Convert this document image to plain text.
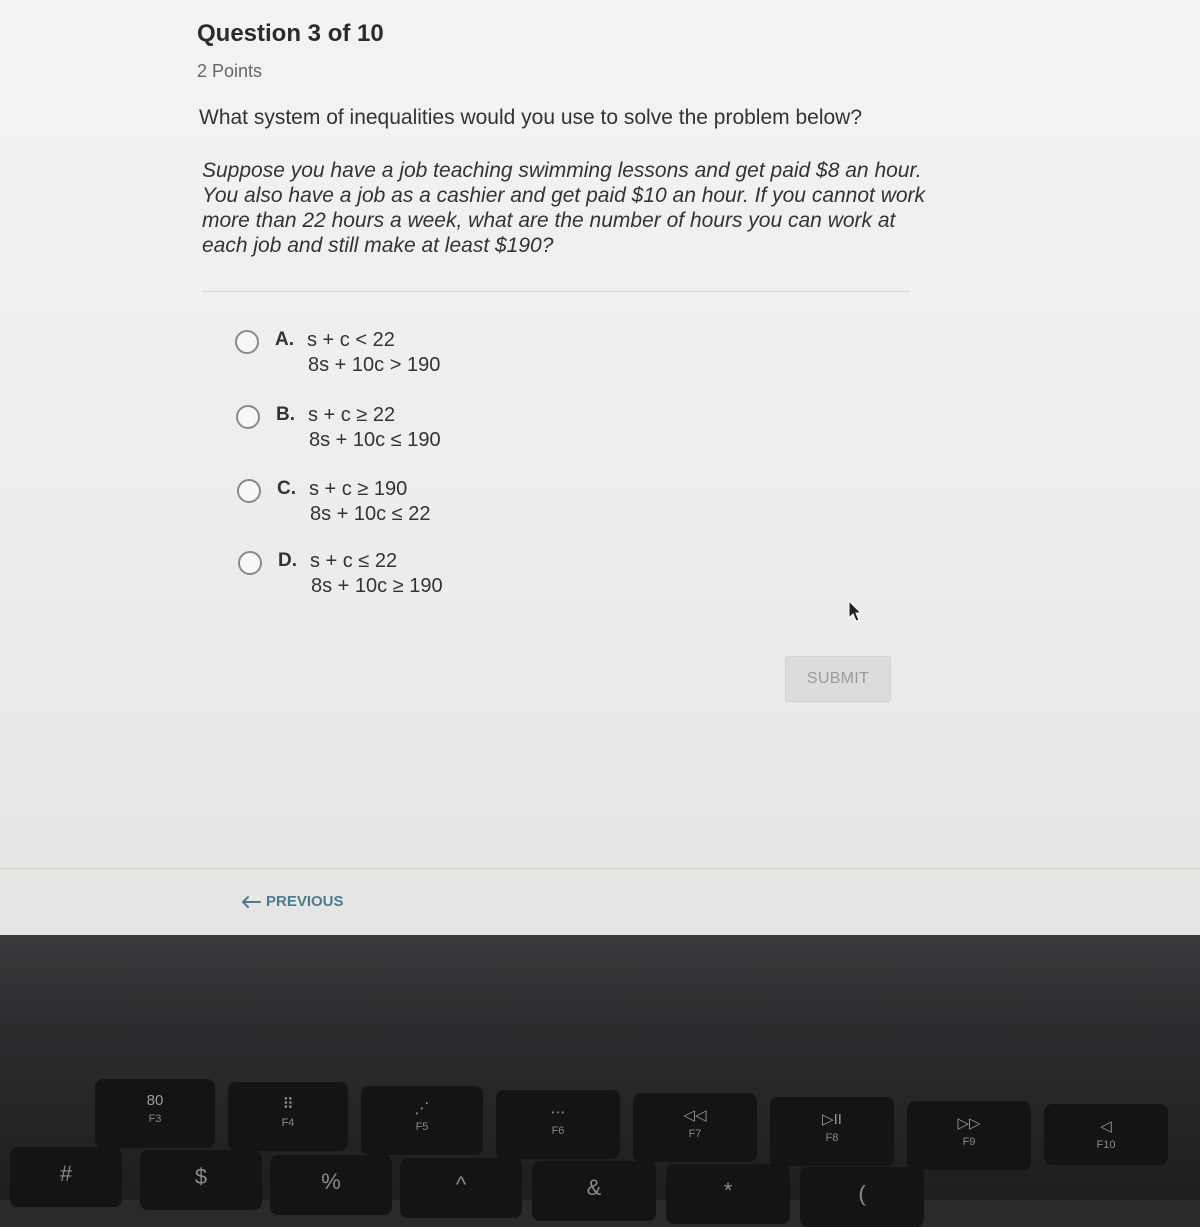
Question 3 of 10
2 Points
What system of inequalities would you use to solve the problem below?
Suppose you have a job teaching swimming lessons and get paid $8 an hour.
You also have a job as a cashier and get paid $10 an hour. If you cannot work
more than 22 hours a week, what are the number of hours you can work at
each job and still make at least $190?
A. s + c < 22
8s + 10c > 190
B. s + c ≥ 22
8s + 10c ≤ 190
C. s + c ≥ 190
8s + 10c ≤ 22
D. s + c ≤ 22
8s + 10c ≥ 190
SUBMIT
PREVIOUS
80
F3
⠿
F4
⋰
F5
⋯
F6
◁◁
F7
▷II
F8
▷▷
F9
◁
F10
#	$	%	^	&	*	(
